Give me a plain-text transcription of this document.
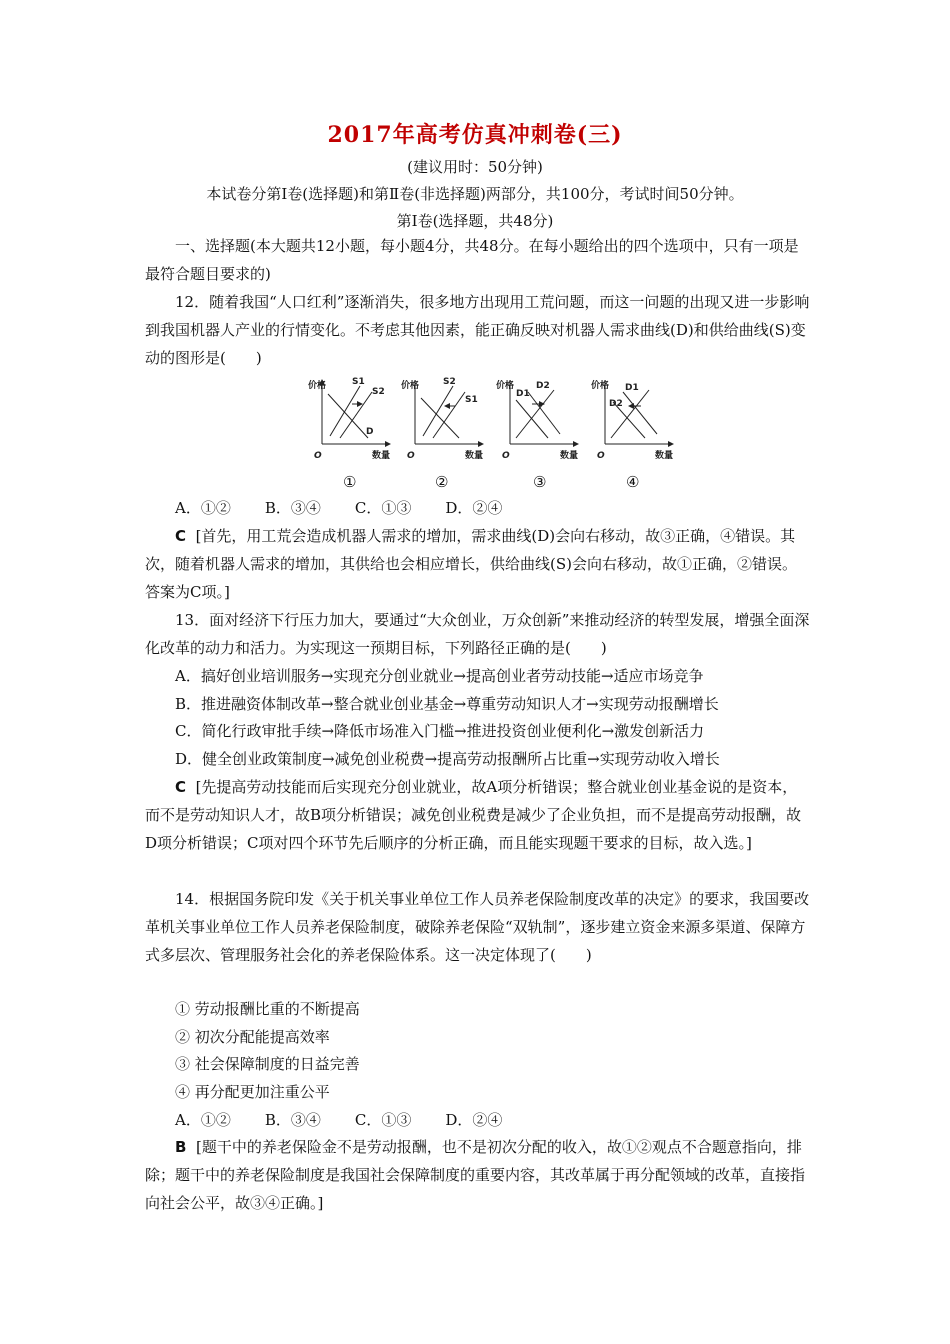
2017年高考仿真冲刺卷(三)
(建议用时：50分钟)
本试卷分第Ⅰ卷(选择题)和第Ⅱ卷(非选择题)两部分，共100分，考试时间50分钟。
第Ⅰ卷(选择题，共48分)
一、选择题(本大题共12小题，每小题4分，共48分。在每小题给出的四个选项中，只有一项是最符合题目要求的)
12．随着我国“人口红利”逐渐消失，很多地方出现用工荒问题，而这一问题的出现又进一步影响到我国机器人产业的行情变化。不考虑其他因素，能正确反映对机器人需求曲线(D)和供给曲线(S)变动的图形是(　　)
价格
数量
O
S1
S2
D
价格
数量
O
S2
S1
价格
数量
O
D1
D2	价格
数量
O
D1
D2
①	②	③	④
A．①② B．③④ C．①③ D．②④
C [首先，用工荒会造成机器人需求的增加，需求曲线(D)会向右移动，故③正确，④错误。其次，随着机器人需求的增加，其供给也会相应增长，供给曲线(S)会向右移动，故①正确，②错误。答案为C项。]
13．面对经济下行压力加大，要通过“大众创业，万众创新”来推动经济的转型发展，增强全面深化改革的动力和活力。为实现这一预期目标，下列路径正确的是(　　)
A．搞好创业培训服务→实现充分创业就业→提高创业者劳动技能→适应市场竞争
B．推进融资体制改革→整合就业创业基金→尊重劳动知识人才→实现劳动报酬增长
C．简化行政审批手续→降低市场准入门槛→推进投资创业便利化→激发创新活力
D．健全创业政策制度→减免创业税费→提高劳动报酬所占比重→实现劳动收入增长
C [先提高劳动技能而后实现充分创业就业，故A项分析错误；整合就业创业基金说的是资本，而不是劳动知识人才，故B项分析错误；减免创业税费是减少了企业负担，而不是提高劳动报酬，故D项分析错误；C项对四个环节先后顺序的分析正确，而且能实现题干要求的目标，故入选。]
14．根据国务院印发《关于机关事业单位工作人员养老保险制度改革的决定》的要求，我国要改革机关事业单位工作人员养老保险制度，破除养老保险“双轨制”，逐步建立资金来源多渠道、保障方式多层次、管理服务社会化的养老保险体系。这一决定体现了(　　)
① 劳动报酬比重的不断提高
② 初次分配能提高效率
③ 社会保障制度的日益完善
④ 再分配更加注重公平
A．①② B．③④ C．①③ D．②④
B [题干中的养老保险金不是劳动报酬，也不是初次分配的收入，故①②观点不合题意指向，排除；题干中的养老保险制度是我国社会保障制度的重要内容，其改革属于再分配领域的改革，直接指向社会公平，故③④正确。]
